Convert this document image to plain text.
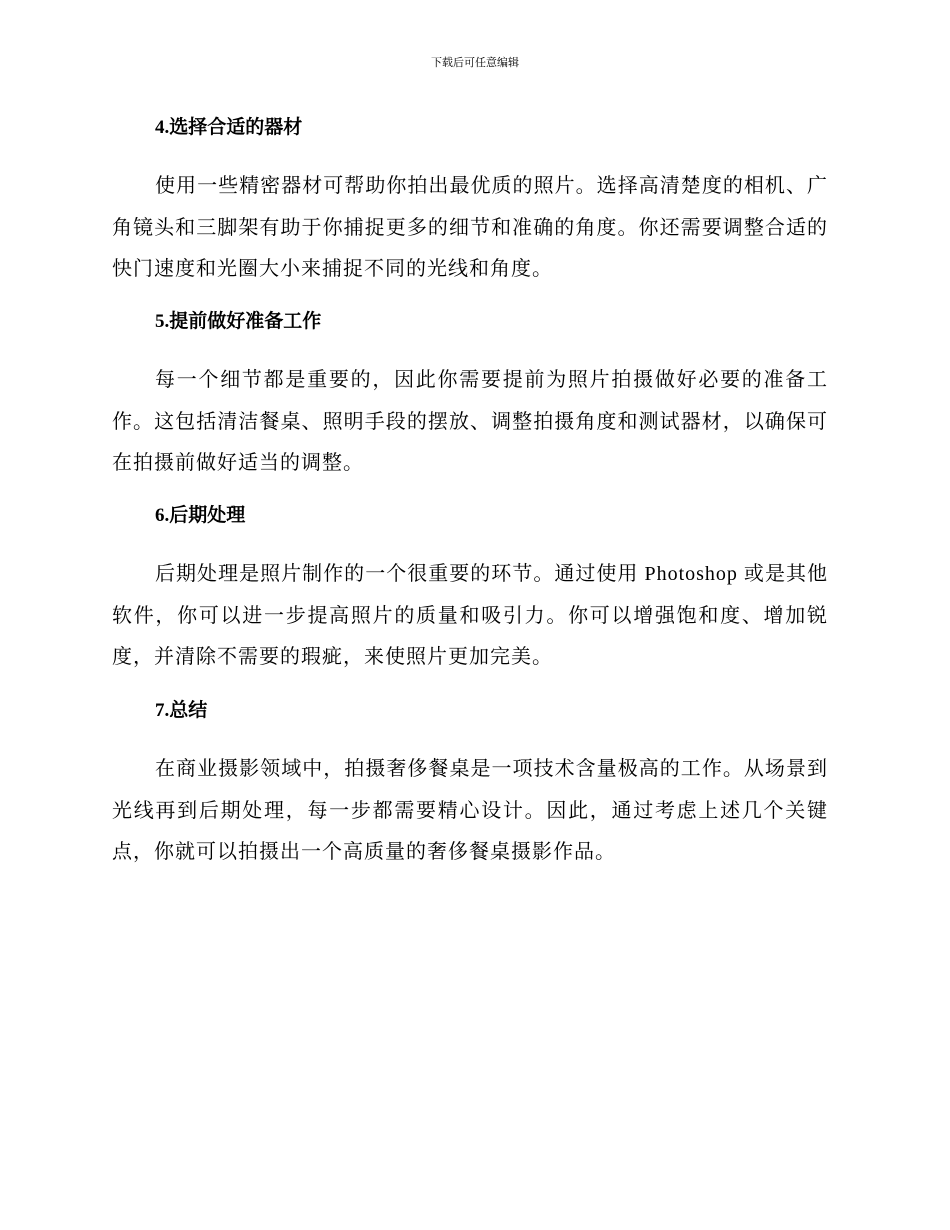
下载后可任意编辑
4.选择合适的器材

使用一些精密器材可帮助你拍出最优质的照片。选择高清楚度的相机、广角镜头和三脚架有助于你捕捉更多的细节和准确的角度。你还需要调整合适的快门速度和光圈大小来捕捉不同的光线和角度。

5.提前做好准备工作

每一个细节都是重要的，因此你需要提前为照片拍摄做好必要的准备工作。这包括清洁餐桌、照明手段的摆放、调整拍摄角度和测试器材，以确保可在拍摄前做好适当的调整。

6.后期处理

后期处理是照片制作的一个很重要的环节。通过使用 Photoshop 或是其他软件，你可以进一步提高照片的质量和吸引力。你可以增强饱和度、增加锐度，并清除不需要的瑕疵，来使照片更加完美。

7.总结

在商业摄影领域中，拍摄奢侈餐桌是一项技术含量极高的工作。从场景到光线再到后期处理，每一步都需要精心设计。因此，通过考虑上述几个关键点，你就可以拍摄出一个高质量的奢侈餐桌摄影作品。
